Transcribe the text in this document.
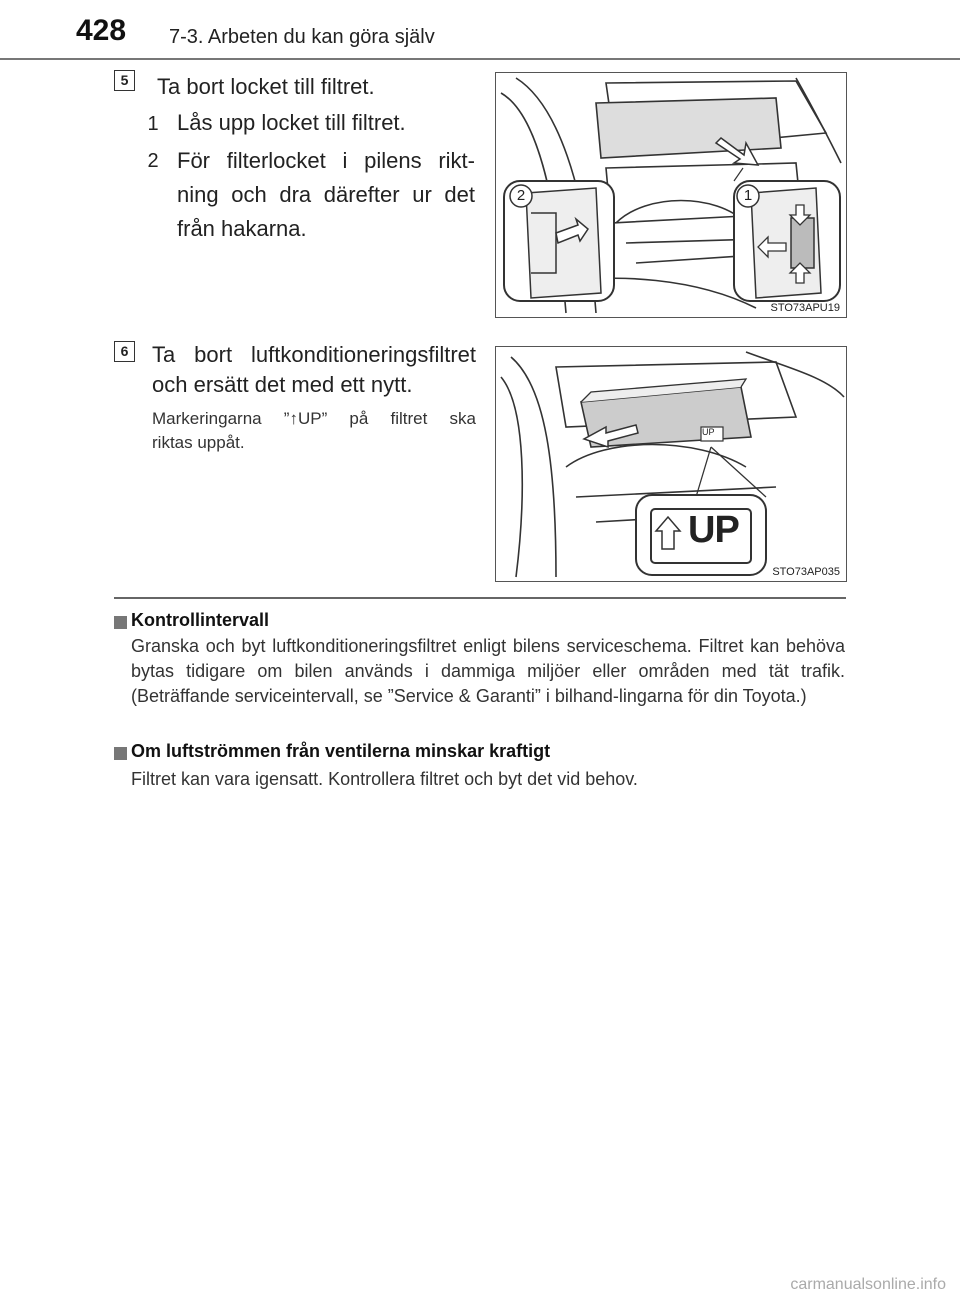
428 7-3. Arbeten du kan göra själv
5	Ta bort locket till filtret.
1 Lås upp locket till filtret.
2 För filterlocket i pilens rikt-
ning och dra därefter ur det
från hakarna.
2	1
STO73APU19
6	Ta bort luftkonditioneringsfiltret
och ersätt det med ett nytt.
Markeringarna ”↑UP” på filtret ska
riktas uppåt.
UP
UP
STO73AP035
Kontrollintervall
Granska och byt luftkonditioneringsfiltret enligt bilens serviceschema. Filtret kan behöva bytas tidigare om bilen används i dammiga miljöer eller områden med tät trafik. (Beträffande serviceintervall, se ”Service & Garanti” i bilhand-lingarna för din Toyota.)
Om luftströmmen från ventilerna minskar kraftigt
Filtret kan vara igensatt. Kontrollera filtret och byt det vid behov.
carmanualsonline.info
